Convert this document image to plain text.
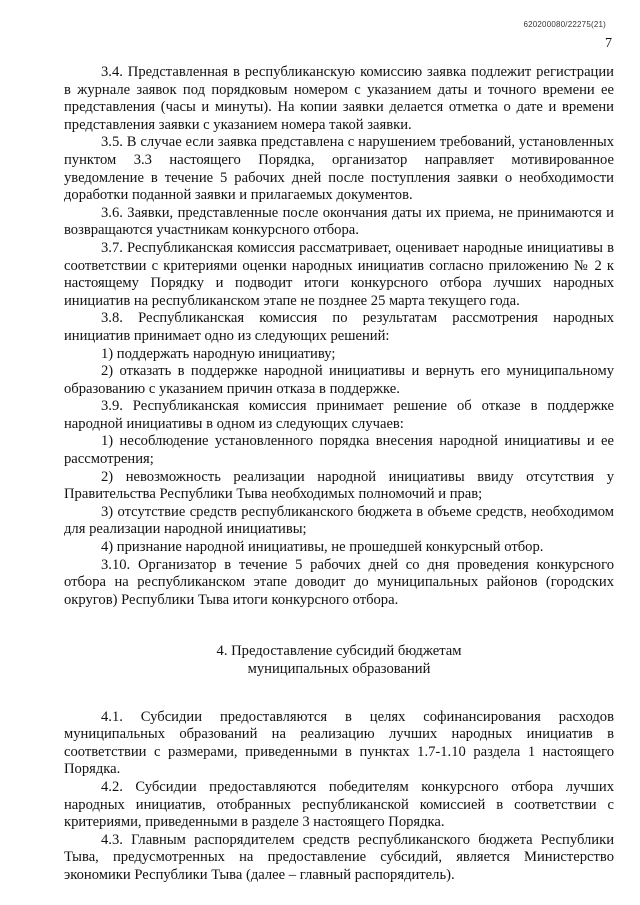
620200080/22275(21)
7

3.4. Представленная в республиканскую комиссию заявка подлежит регистрации в журнале заявок под порядковым номером с указанием даты и точного времени ее представления (часы и минуты). На копии заявки делается отметка о дате и времени представления заявки с указанием номера такой заявки.

3.5. В случае если заявка представлена с нарушением требований, установленных пунктом 3.3 настоящего Порядка, организатор направляет мотивированное уведомление в течение 5 рабочих дней после поступления заявки о необходимости доработки поданной заявки и прилагаемых документов.

3.6. Заявки, представленные после окончания даты их приема, не принимаются и возвращаются участникам конкурсного отбора.

3.7. Республиканская комиссия рассматривает, оценивает народные инициативы в соответствии с критериями оценки народных инициатив согласно приложению № 2 к настоящему Порядку и подводит итоги конкурсного отбора лучших народных инициатив на республиканском этапе не позднее 25 марта текущего года.

3.8. Республиканская комиссия по результатам рассмотрения народных инициатив принимает одно из следующих решений:

1) поддержать народную инициативу;

2) отказать в поддержке народной инициативы и вернуть его муниципальному образованию с указанием причин отказа в поддержке.

3.9. Республиканская комиссия принимает решение об отказе в поддержке народной инициативы в одном из следующих случаев:

1) несоблюдение установленного порядка внесения народной инициативы и ее рассмотрения;

2) невозможность реализации народной инициативы ввиду отсутствия у Правительства Республики Тыва необходимых полномочий и прав;

3) отсутствие средств республиканского бюджета в объеме средств, необходимом для реализации народной инициативы;

4) признание народной инициативы, не прошедшей конкурсный отбор.

3.10. Организатор в течение 5 рабочих дней со дня проведения конкурсного отбора на республиканском этапе доводит до муниципальных районов (городских округов) Республики Тыва итоги конкурсного отбора.

4. Предоставление субсидий бюджетам
муниципальных образований

4.1. Субсидии предоставляются в целях софинансирования расходов муниципальных образований на реализацию лучших народных инициатив в соответствии с размерами, приведенными в пунктах 1.7-1.10 раздела 1 настоящего Порядка.

4.2. Субсидии предоставляются победителям конкурсного отбора лучших народных инициатив, отобранных республиканской комиссией в соответствии с критериями, приведенными в разделе 3 настоящего Порядка.

4.3. Главным распорядителем средств республиканского бюджета Республики Тыва, предусмотренных на предоставление субсидий, является Министерство экономики Республики Тыва (далее – главный распорядитель).
